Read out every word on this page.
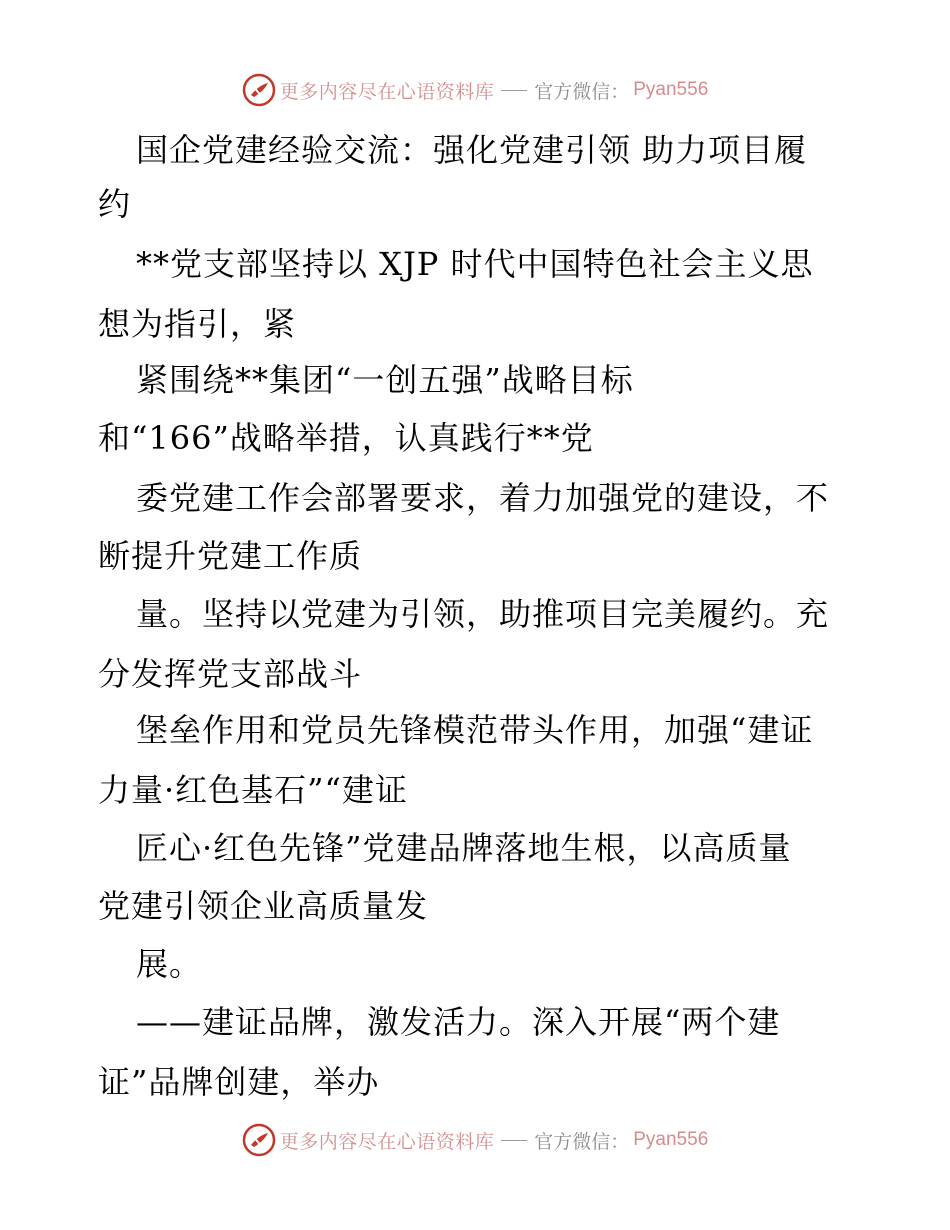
更多内容尽在心语资料库 官方微信： Pyan556
国企党建经验交流：强化党建引领 助力项目履
约
**党支部坚持以 XJP 时代中国特色社会主义思
想为指引，紧
紧围绕**集团“一创五强”战略目标
和“166”战略举措，认真践行**党
委党建工作会部署要求，着力加强党的建设，不
断提升党建工作质
量。坚持以党建为引领，助推项目完美履约。充
分发挥党支部战斗
堡垒作用和党员先锋模范带头作用，加强“建证
力量·红色基石”“建证
匠心·红色先锋”党建品牌落地生根，以高质量
党建引领企业高质量发
展。
——建证品牌，激发活力。深入开展“两个建
证”品牌创建，举办
更多内容尽在心语资料库 官方微信： Pyan556
